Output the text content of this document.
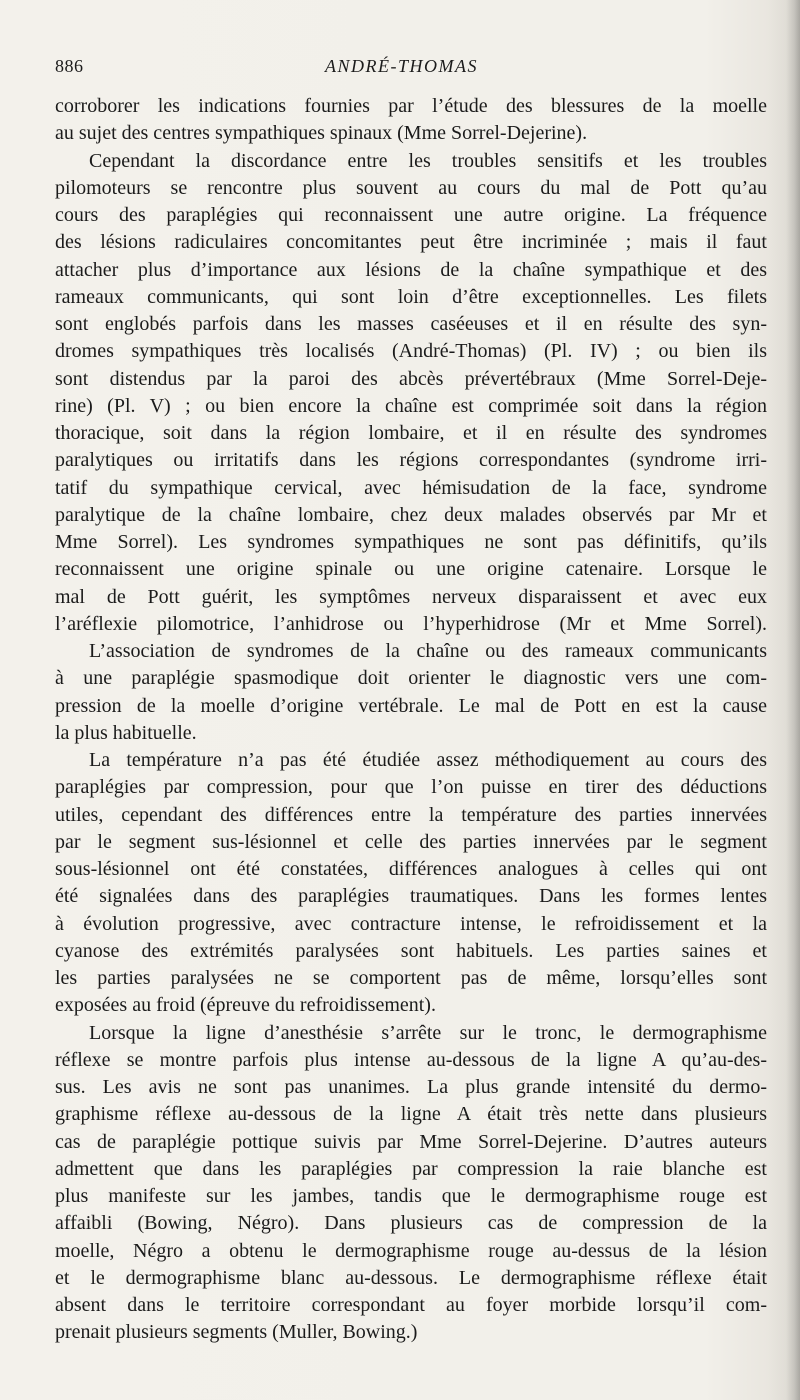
886	ANDRÉ-THOMAS
corroborer les indications fournies par l’étude des blessures de la moelle
au sujet des centres sympathiques spinaux (Mme Sorrel-Dejerine).
Cependant la discordance entre les troubles sensitifs et les troubles
pilomoteurs se rencontre plus souvent au cours du mal de Pott qu’au
cours des paraplégies qui reconnaissent une autre origine. La fréquence
des lésions radiculaires concomitantes peut être incriminée ; mais il faut
attacher plus d’importance aux lésions de la chaîne sympathique et des
rameaux communicants, qui sont loin d’être exceptionnelles. Les filets
sont englobés parfois dans les masses caséeuses et il en résulte des syn-
dromes sympathiques très localisés (André-Thomas) (Pl. IV) ; ou bien ils
sont distendus par la paroi des abcès prévertébraux (Mme Sorrel-Deje-
rine) (Pl. V) ; ou bien encore la chaîne est comprimée soit dans la région
thoracique, soit dans la région lombaire, et il en résulte des syndromes
paralytiques ou irritatifs dans les régions correspondantes (syndrome irri-
tatif du sympathique cervical, avec hémisudation de la face, syndrome
paralytique de la chaîne lombaire, chez deux malades observés par Mr et
Mme Sorrel). Les syndromes sympathiques ne sont pas définitifs, qu’ils
reconnaissent une origine spinale ou une origine catenaire. Lorsque le
mal de Pott guérit, les symptômes nerveux disparaissent et avec eux
l’aréflexie pilomotrice, l’anhidrose ou l’hyperhidrose (Mr et Mme Sorrel).
L’association de syndromes de la chaîne ou des rameaux communicants
à une paraplégie spasmodique doit orienter le diagnostic vers une com-
pression de la moelle d’origine vertébrale. Le mal de Pott en est la cause
la plus habituelle.
La température n’a pas été étudiée assez méthodiquement au cours des
paraplégies par compression, pour que l’on puisse en tirer des déductions
utiles, cependant des différences entre la température des parties innervées
par le segment sus-lésionnel et celle des parties innervées par le segment
sous-lésionnel ont été constatées, différences analogues à celles qui ont
été signalées dans des paraplégies traumatiques. Dans les formes lentes
à évolution progressive, avec contracture intense, le refroidissement et la
cyanose des extrémités paralysées sont habituels. Les parties saines et
les parties paralysées ne se comportent pas de même, lorsqu’elles sont
exposées au froid (épreuve du refroidissement).
Lorsque la ligne d’anesthésie s’arrête sur le tronc, le dermographisme
réflexe se montre parfois plus intense au-dessous de la ligne A qu’au-des-
sus. Les avis ne sont pas unanimes. La plus grande intensité du dermo-
graphisme réflexe au-dessous de la ligne A était très nette dans plusieurs
cas de paraplégie pottique suivis par Mme Sorrel-Dejerine. D’autres auteurs
admettent que dans les paraplégies par compression la raie blanche est
plus manifeste sur les jambes, tandis que le dermographisme rouge est
affaibli (Bowing, Négro). Dans plusieurs cas de compression de la
moelle, Négro a obtenu le dermographisme rouge au-dessus de la lésion
et le dermographisme blanc au-dessous. Le dermographisme réflexe était
absent dans le territoire correspondant au foyer morbide lorsqu’il com-
prenait plusieurs segments (Muller, Bowing.)
